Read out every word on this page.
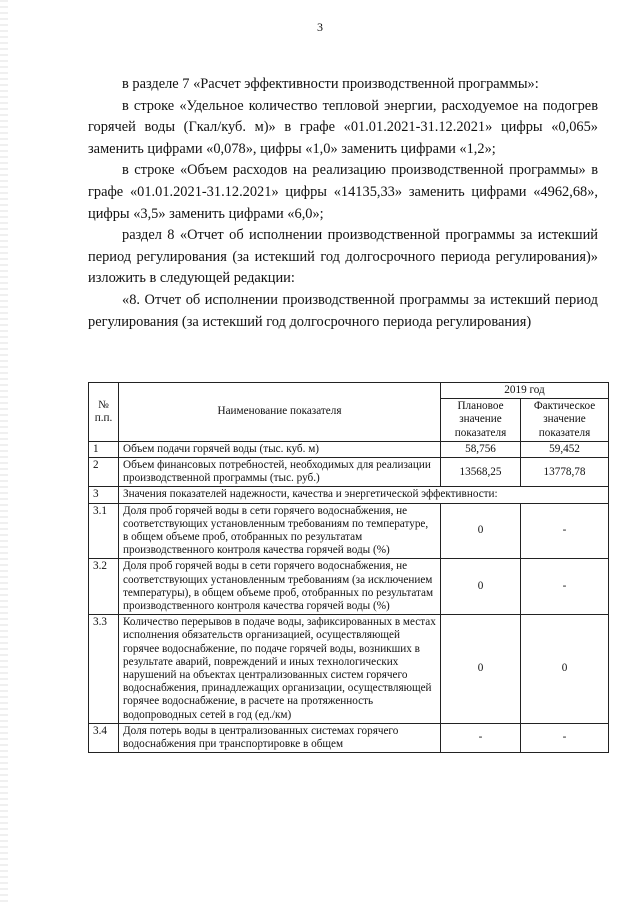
3

в разделе 7 «Расчет эффективности производственной программы»:

в строке «Удельное количество тепловой энергии, расходуемое на подогрев горячей воды (Гкал/куб. м)» в графе «01.01.2021-31.12.2021» цифры «0,065» заменить цифрами «0,078», цифры «1,0» заменить цифрами «1,2»;

в строке «Объем расходов на реализацию производственной программы» в графе «01.01.2021-31.12.2021» цифры «14135,33» заменить цифрами «4962,68», цифры «3,5» заменить цифрами «6,0»;

раздел 8 «Отчет об исполнении производственной программы за истекший период регулирования (за истекший год долгосрочного периода регулирования)» изложить в следующей редакции:

«8. Отчет об исполнении производственной программы за истекший период регулирования (за истекший год долгосрочного периода регулирования)

№ п.п.	Наименование показателя	2019 год	
		Плановое значение показателя	Фактическое значение показателя
1	Объем подачи горячей воды (тыс. куб. м)	58,756	59,452
2	Объем финансовых потребностей, необходимых для реализации производственной программы (тыс. руб.)	13568,25	13778,78
3	Значения показателей надежности, качества и энергетической эффективности:		
3.1	Доля проб горячей воды в сети горячего водоснабжения, не соответствующих установленным требованиям по температуре, в общем объеме проб, отобранных по результатам производственного контроля качества горячей воды (%)	0	-
3.2	Доля проб горячей воды в сети горячего водоснабжения, не соответствующих установленным требованиям (за исключением температуры), в общем объеме проб, отобранных по результатам производственного контроля качества горячей воды (%)	0	-
3.3	Количество перерывов в подаче воды, зафиксированных в местах исполнения обязательств организацией, осуществляющей горячее водоснабжение, по подаче горячей воды, возникших в результате аварий, повреждений и иных технологических нарушений на объектах централизованных систем горячего водоснабжения, принадлежащих организации, осуществляющей горячее водоснабжение, в расчете на протяженность водопроводных сетей в год (ед./км)	0	0
3.4	Доля потерь воды в централизованных системах горячего водоснабжения при транспортировке в общем	-	-
